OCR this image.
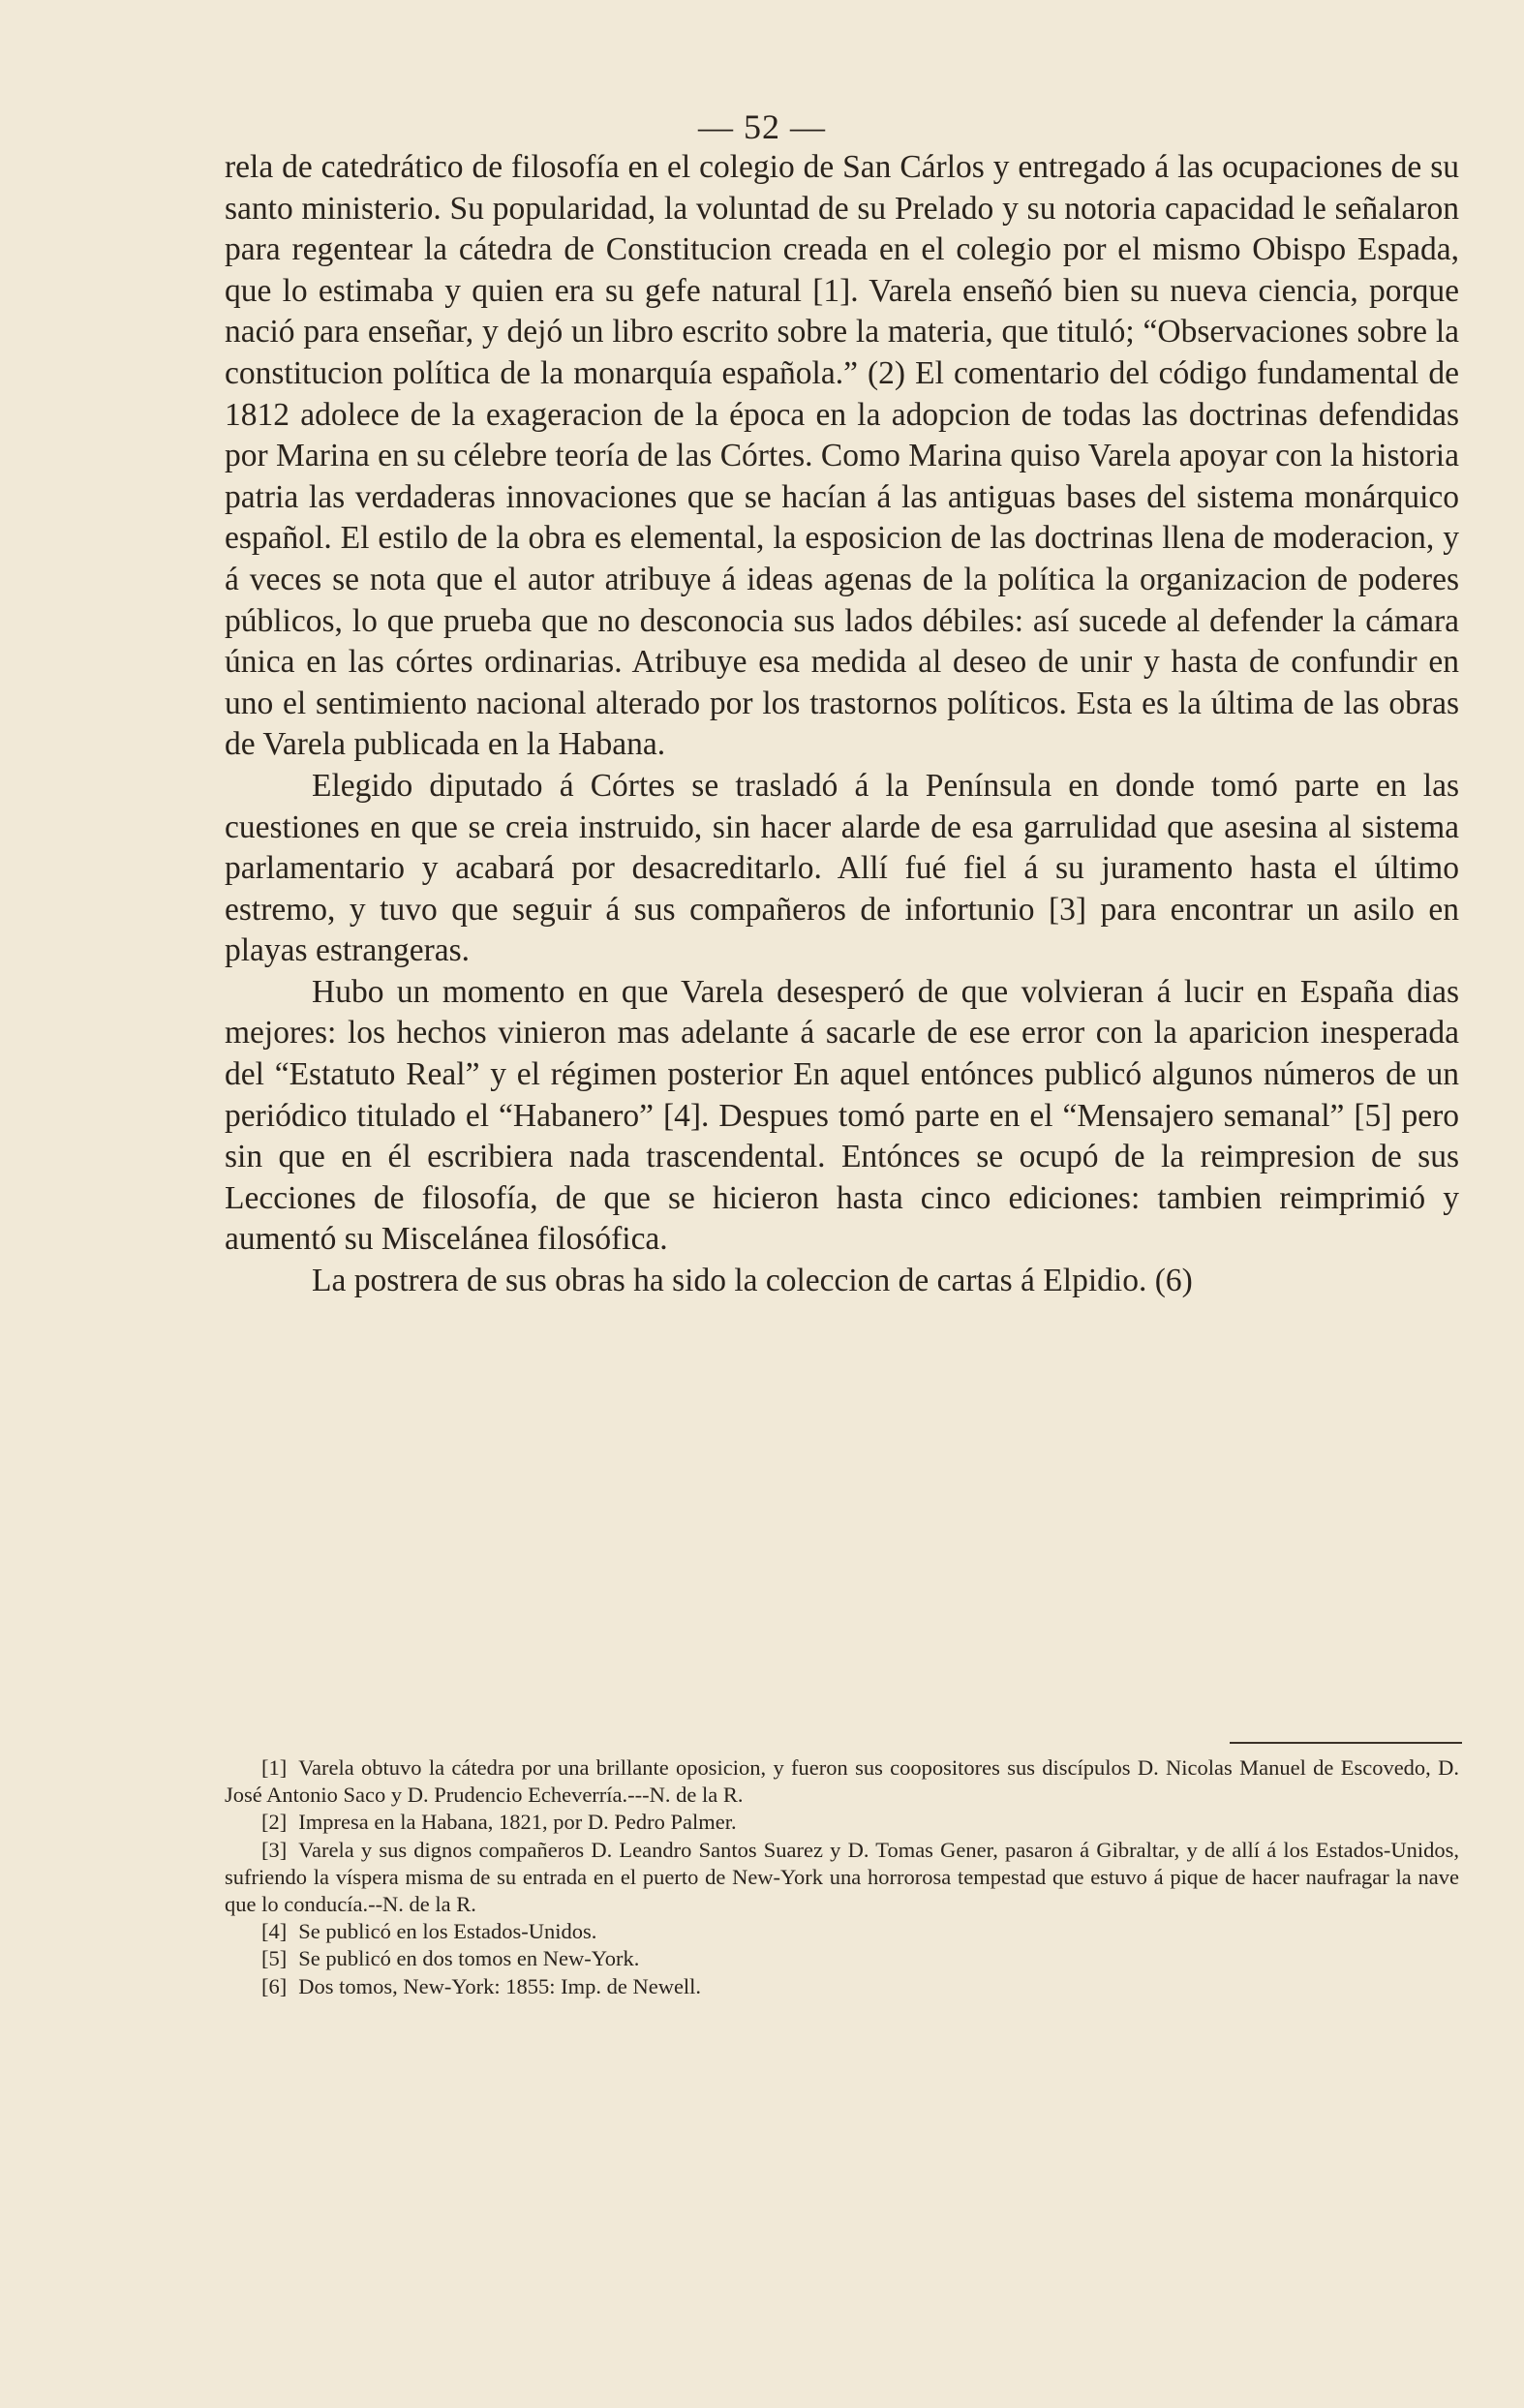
— 52 —

rela de catedrático de filosofía en el colegio de San Cárlos y entregado á las ocupaciones de su santo ministerio. Su popularidad, la voluntad de su Prelado y su notoria capacidad le señalaron para regentear la cátedra de Constitucion creada en el colegio por el mismo Obispo Espada, que lo estimaba y quien era su gefe natural [1]. Varela enseñó bien su nueva ciencia, porque nació para enseñar, y dejó un libro escrito sobre la materia, que tituló; “Observaciones sobre la constitucion política de la monarquía española.” (2) El comentario del código fundamental de 1812 adolece de la exageracion de la época en la adopcion de todas las doctrinas defendidas por Marina en su célebre teoría de las Córtes. Como Marina quiso Varela apoyar con la historia patria las verdaderas innovaciones que se hacían á las antiguas bases del sistema monárquico español. El estilo de la obra es elemental, la esposicion de las doctrinas llena de moderacion, y á veces se nota que el autor atribuye á ideas agenas de la política la organizacion de poderes públicos, lo que prueba que no desconocia sus lados débiles: así sucede al defender la cámara única en las córtes ordinarias. Atribuye esa medida al deseo de unir y hasta de confundir en uno el sentimiento nacional alterado por los trastornos políticos. Esta es la última de las obras de Varela publicada en la Habana.

Elegido diputado á Córtes se trasladó á la Península en donde tomó parte en las cuestiones en que se creia instruido, sin hacer alarde de esa garrulidad que asesina al sistema parlamentario y acabará por desacreditarlo. Allí fué fiel á su juramento hasta el último estremo, y tuvo que seguir á sus compañeros de infortunio [3] para encontrar un asilo en playas estrangeras.

Hubo un momento en que Varela desesperó de que volvieran á lucir en España dias mejores: los hechos vinieron mas adelante á sacarle de ese error con la aparicion inesperada del “Estatuto Real” y el régimen posterior En aquel entónces publicó algunos números de un periódico titulado el “Habanero” [4]. Despues tomó parte en el “Mensajero semanal” [5] pero sin que en él escribiera nada trascendental. Entónces se ocupó de la reimpresion de sus Lecciones de filosofía, de que se hicieron hasta cinco ediciones: tambien reimprimió y aumentó su Miscelánea filosófica.

La postrera de sus obras ha sido la coleccion de cartas á Elpidio. (6)

[1] Varela obtuvo la cátedra por una brillante oposicion, y fueron sus coopositores sus discípulos D. Nicolas Manuel de Escovedo, D. José Antonio Saco y D. Prudencio Echeverría.---N. de la R.

[2] Impresa en la Habana, 1821, por D. Pedro Palmer.

[3] Varela y sus dignos compañeros D. Leandro Santos Suarez y D. Tomas Gener, pasaron á Gibraltar, y de allí á los Estados-Unidos, sufriendo la víspera misma de su entrada en el puerto de New-York una horrorosa tempestad que estuvo á pique de hacer naufragar la nave que lo conducía.--N. de la R.

[4] Se publicó en los Estados-Unidos.

[5] Se publicó en dos tomos en New-York.

[6] Dos tomos, New-York: 1855: Imp. de Newell.
